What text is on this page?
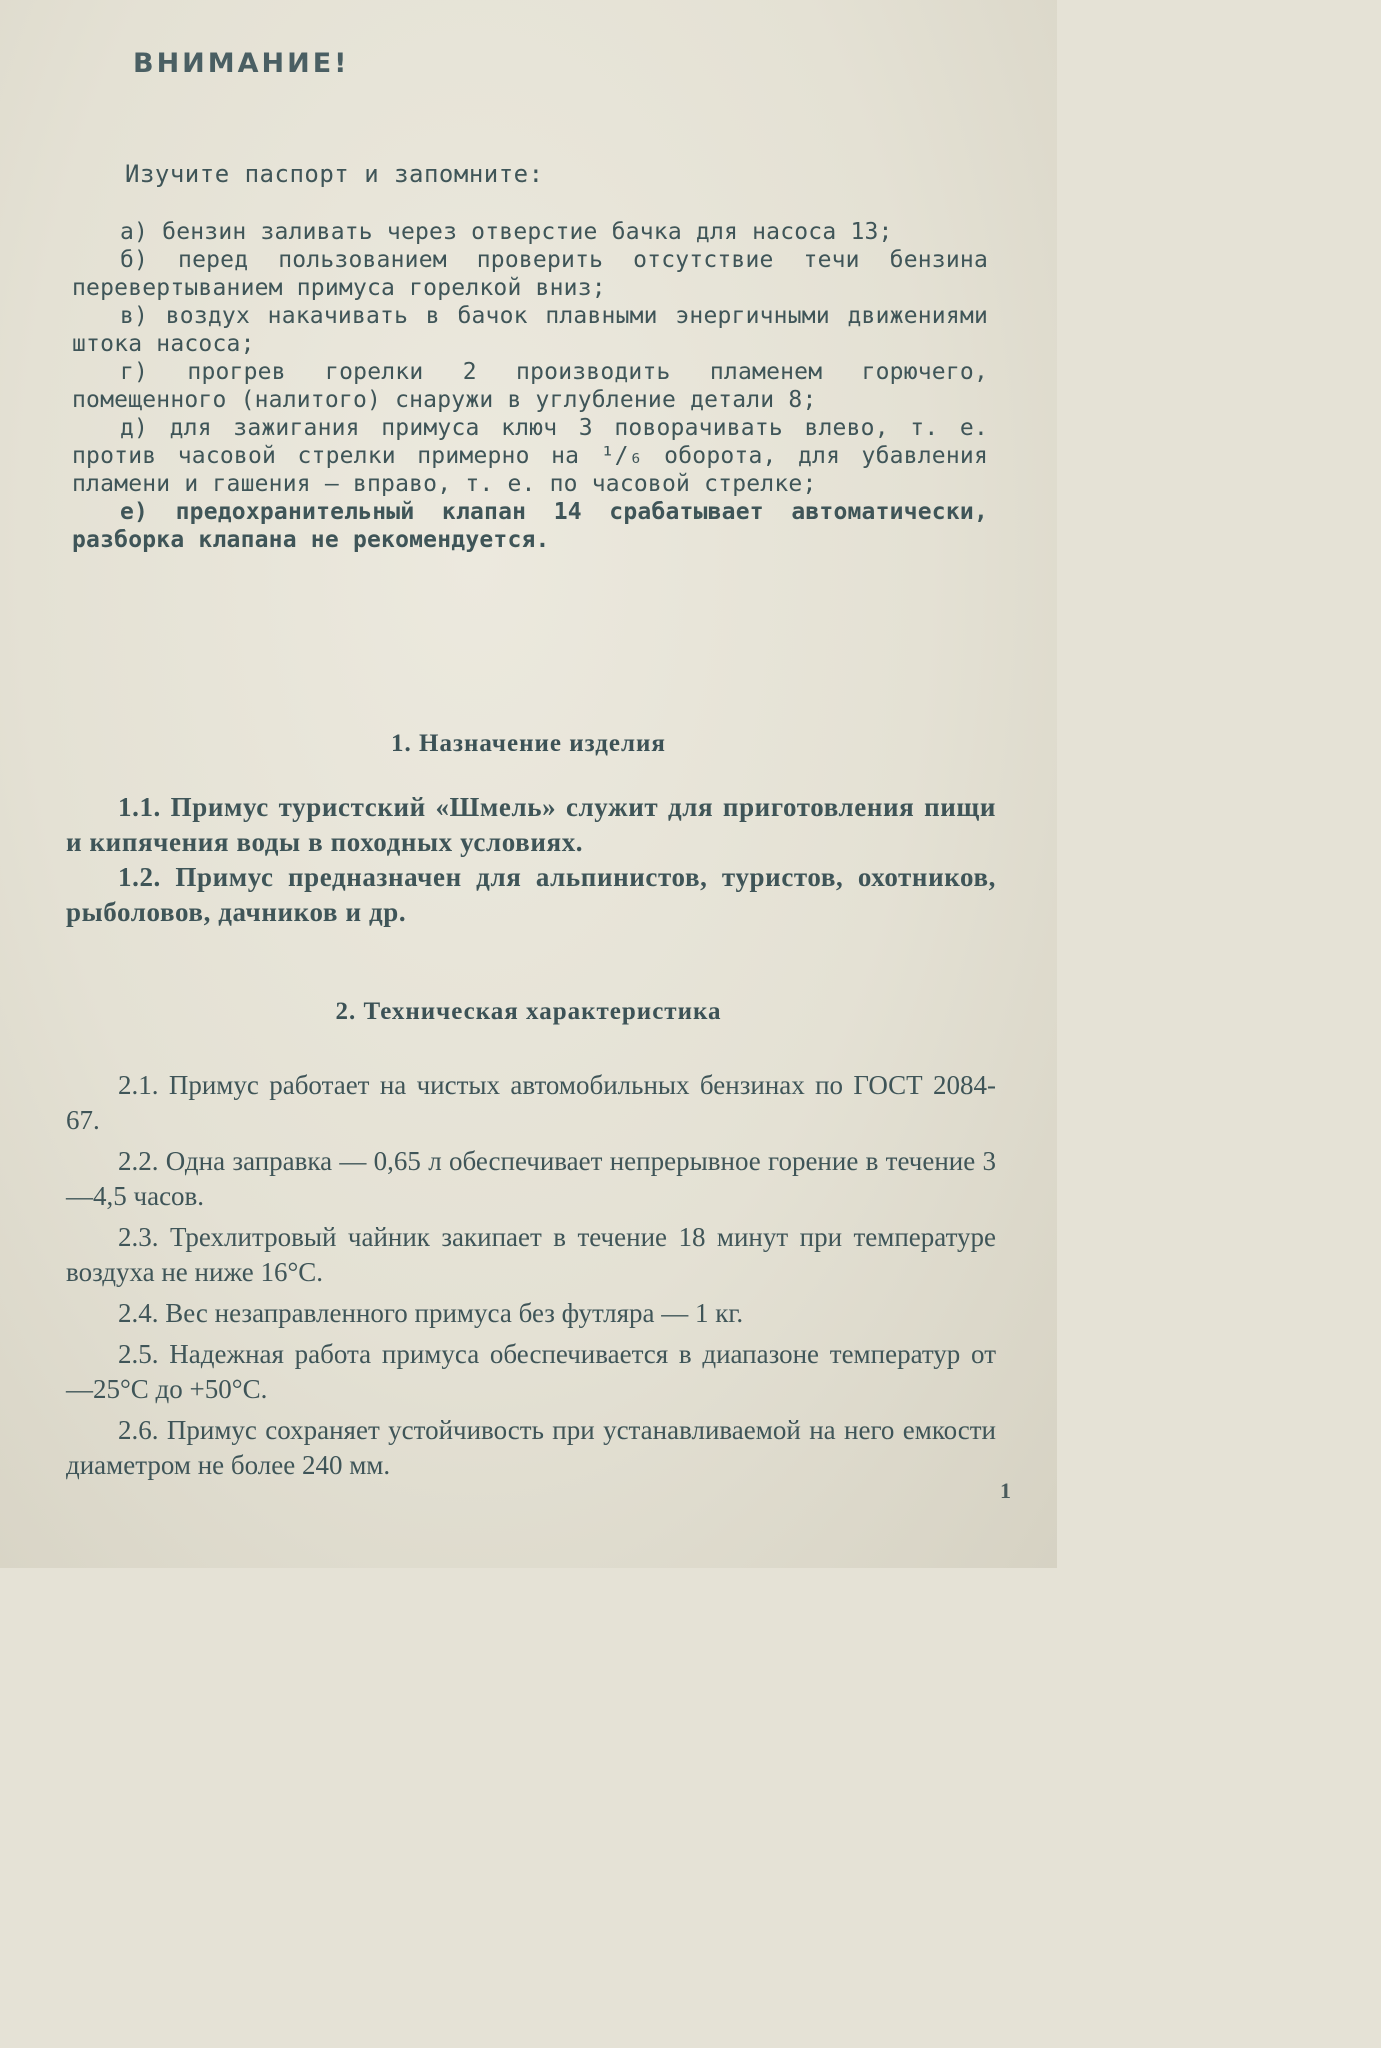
ВНИМАНИЕ!

Изучите паспорт и запомните:

а) бензин заливать через отверстие бачка для насоса 13;

б) перед пользованием проверить отсутствие течи бензина перевертыванием примуса горелкой вниз;

в) воздух накачивать в бачок плавными энергичными движениями штока насоса;

г) прогрев горелки 2 производить пламенем горючего, помещенного (налитого) снаружи в углубление детали 8;

д) для зажигания примуса ключ 3 поворачивать влево, т. е. против часовой стрелки примерно на ¹/₆ оборота, для убавления пламени и гашения — вправо, т. е. по часовой стрелке;

е) предохранительный клапан 14 срабатывает автоматически, разборка клапана не рекомендуется.

1. Назначение изделия

1.1. Примус туристский «Шмель» служит для приготовления пищи и кипячения воды в походных условиях.

1.2. Примус предназначен для альпинистов, туристов, охотников, рыболовов, дачников и др.

2. Техническая характеристика

2.1. Примус работает на чистых автомобильных бензинах по ГОСТ 2084-67.

2.2. Одна заправка — 0,65 л обеспечивает непрерывное горение в течение 3—4,5 часов.

2.3. Трехлитровый чайник закипает в течение 18 минут при температуре воздуха не ниже 16°С.

2.4. Вес незаправленного примуса без футляра — 1 кг.

2.5. Надежная работа примуса обеспечивается в диапазоне температур от —25°С до +50°С.

2.6. Примус сохраняет устойчивость при устанавливаемой на него емкости диаметром не более 240 мм.

1
